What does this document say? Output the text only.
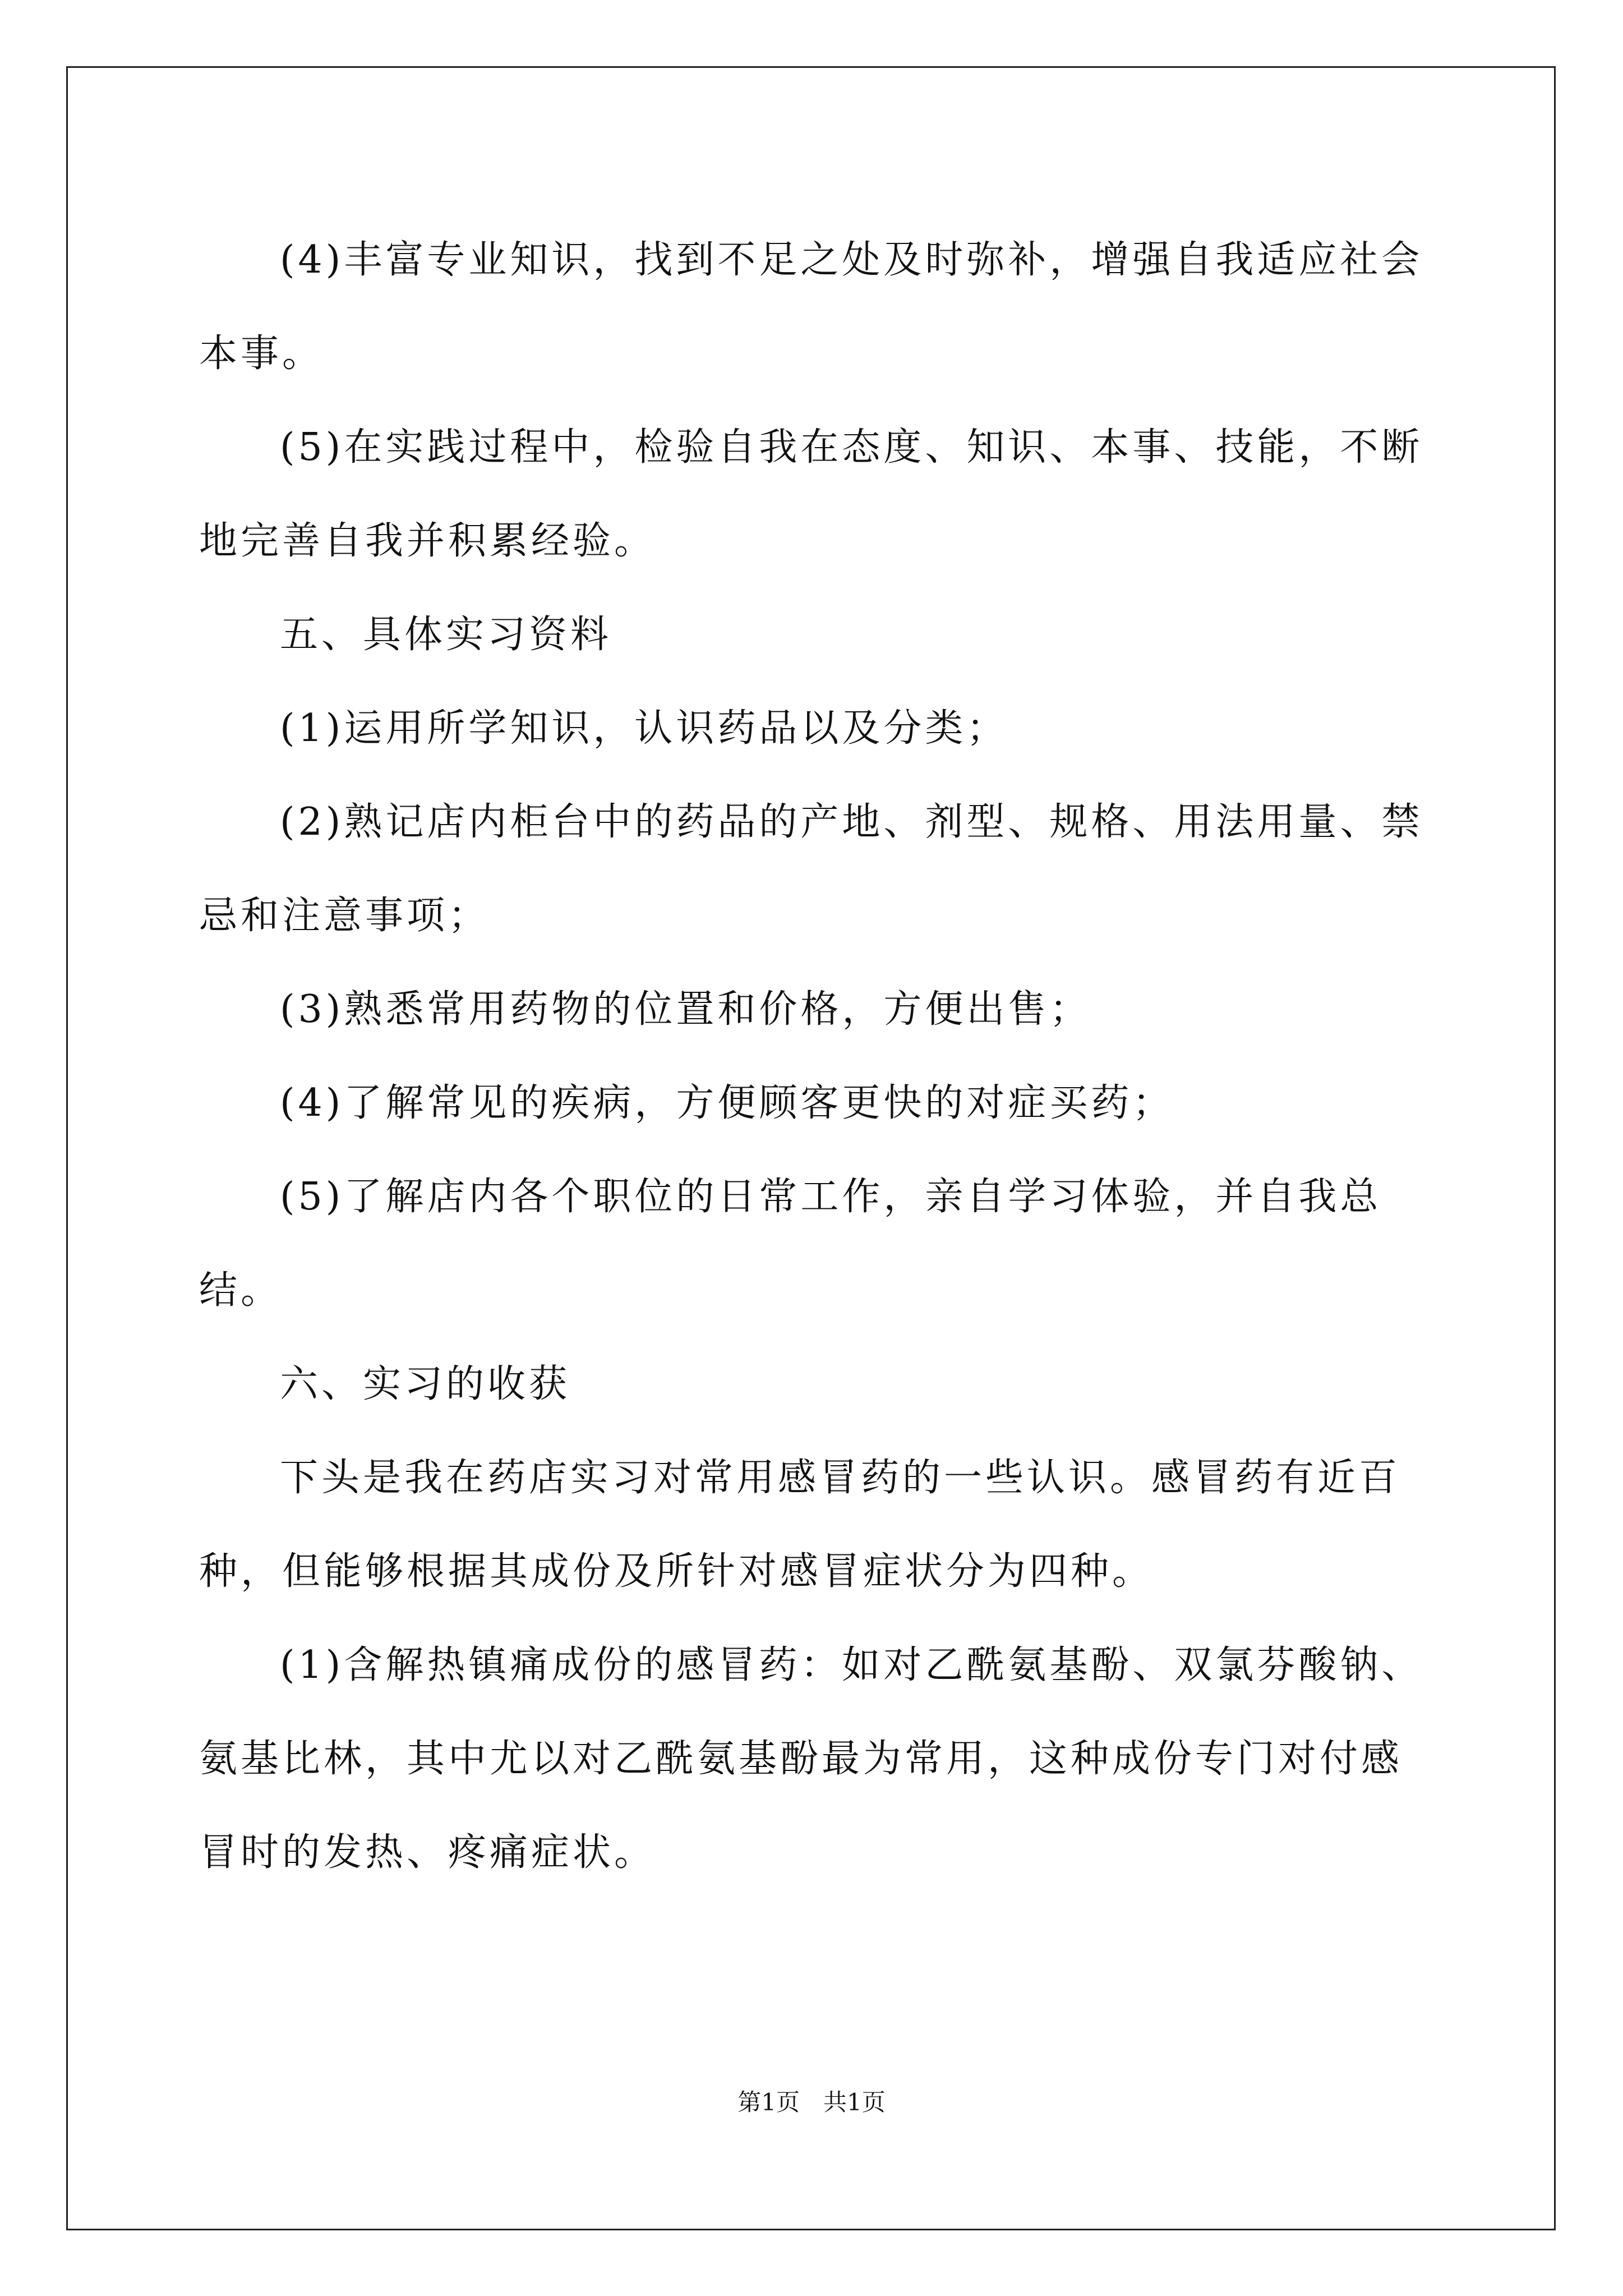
(4)丰富专业知识，找到不足之处及时弥补，增强自我适应社会本事。

(5)在实践过程中，检验自我在态度、知识、本事、技能，不断地完善自我并积累经验。

五、具体实习资料

(1)运用所学知识，认识药品以及分类；

(2)熟记店内柜台中的药品的产地、剂型、规格、用法用量、禁忌和注意事项；

(3)熟悉常用药物的位置和价格，方便出售；

(4)了解常见的疾病，方便顾客更快的对症买药；

(5)了解店内各个职位的日常工作，亲自学习体验，并自我总结。

六、实习的收获

下头是我在药店实习对常用感冒药的一些认识。感冒药有近百种，但能够根据其成份及所针对感冒症状分为四种。

(1)含解热镇痛成份的感冒药：如对乙酰氨基酚、双氯芬酸钠、氨基比林，其中尤以对乙酰氨基酚最为常用，这种成份专门对付感冒时的发热、疼痛症状。

第1页　共1页
